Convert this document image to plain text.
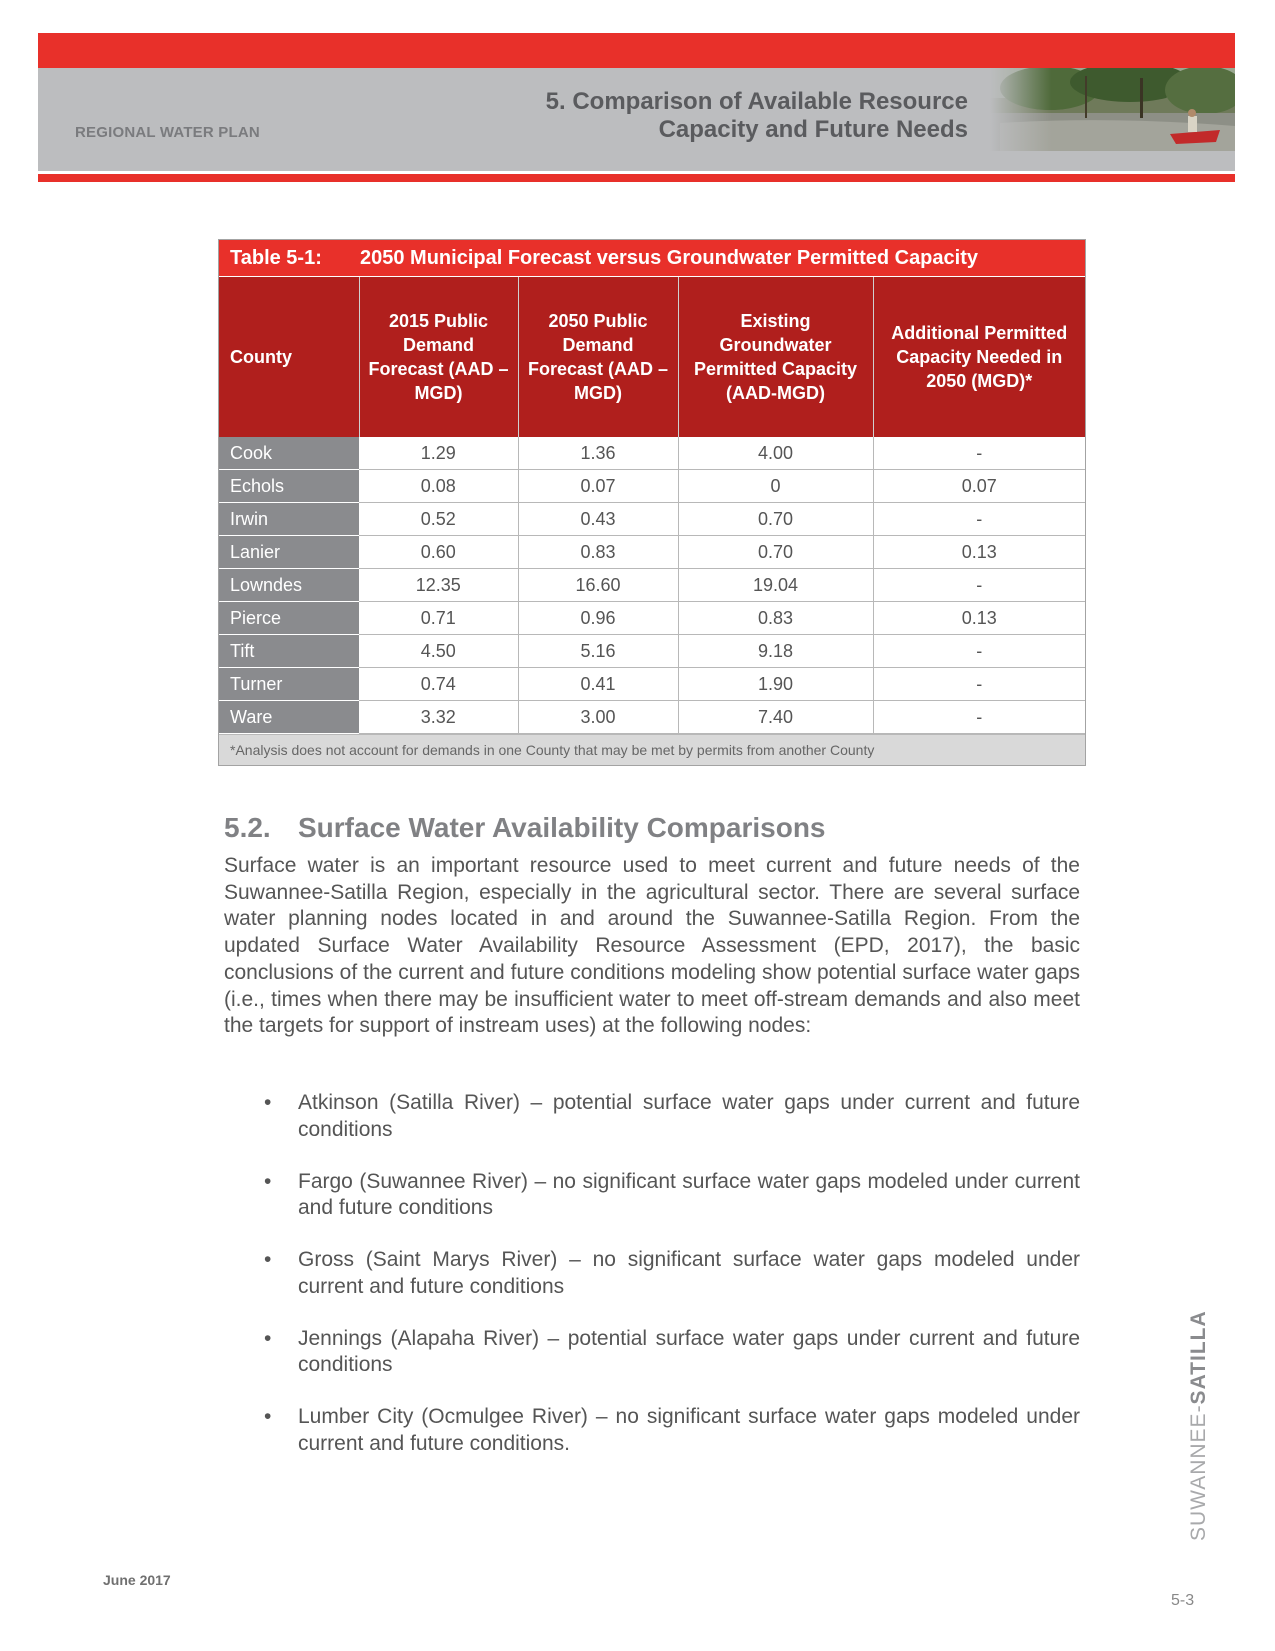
REGIONAL WATER PLAN
5. Comparison of Available Resource
Capacity and Future Needs
Table 5-1: 2050 Municipal Forecast versus Groundwater Permitted Capacity
County	2015 Public Demand Forecast (AAD – MGD)	2050 Public Demand Forecast (AAD – MGD)	Existing Groundwater Permitted Capacity (AAD-MGD)	Additional Permitted Capacity Needed in 2050 (MGD)*
Cook	1.29	1.36	4.00	-
Echols	0.08	0.07	0	0.07
Irwin	0.52	0.43	0.70	-
Lanier	0.60	0.83	0.70	0.13
Lowndes	12.35	16.60	19.04	-
Pierce	0.71	0.96	0.83	0.13
Tift	4.50	5.16	9.18	-
Turner	0.74	0.41	1.90	-
Ware	3.32	3.00	7.40	-
*Analysis does not account for demands in one County that may be met by permits from another County
5.2. Surface Water Availability Comparisons
Surface water is an important resource used to meet current and future needs of the Suwannee-Satilla Region, especially in the agricultural sector. There are several surface water planning nodes located in and around the Suwannee-Satilla Region. From the updated Surface Water Availability Resource Assessment (EPD, 2017), the basic conclusions of the current and future conditions modeling show potential surface water gaps (i.e., times when there may be insufficient water to meet off-stream demands and also meet the targets for support of instream uses) at the following nodes:
• Atkinson (Satilla River) – potential surface water gaps under current and future conditions
• Fargo (Suwannee River) – no significant surface water gaps modeled under current and future conditions
• Gross (Saint Marys River) – no significant surface water gaps modeled under current and future conditions
• Jennings (Alapaha River) – potential surface water gaps under current and future conditions
• Lumber City (Ocmulgee River) – no significant surface water gaps modeled under current and future conditions.
June 2017
5-3
SUWANNEE-SATILLA
